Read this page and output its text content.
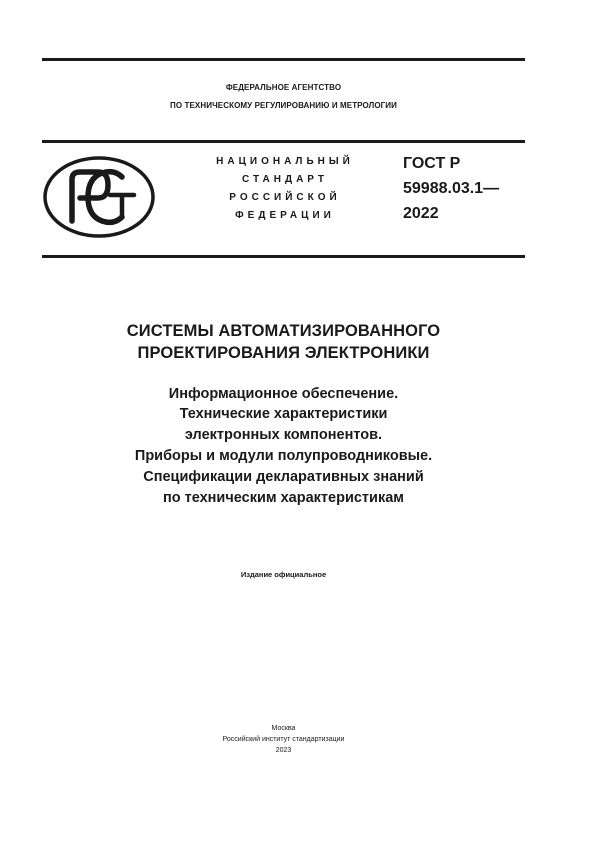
ФЕДЕРАЛЬНОЕ АГЕНТСТВО
ПО ТЕХНИЧЕСКОМУ РЕГУЛИРОВАНИЮ И МЕТРОЛОГИИ
НАЦИОНАЛЬНЫЙ
СТАНДАРТ
РОССИЙСКОЙ
ФЕДЕРАЦИИ
ГОСТ Р
59988.03.1—
2022
СИСТЕМЫ АВТОМАТИЗИРОВАННОГО
ПРОЕКТИРОВАНИЯ ЭЛЕКТРОНИКИ
Информационное обеспечение.
Технические характеристики
электронных компонентов.
Приборы и модули полупроводниковые.
Спецификации декларативных знаний
по техническим характеристикам
Издание официальное
Москва
Российский институт стандартизации
2023
